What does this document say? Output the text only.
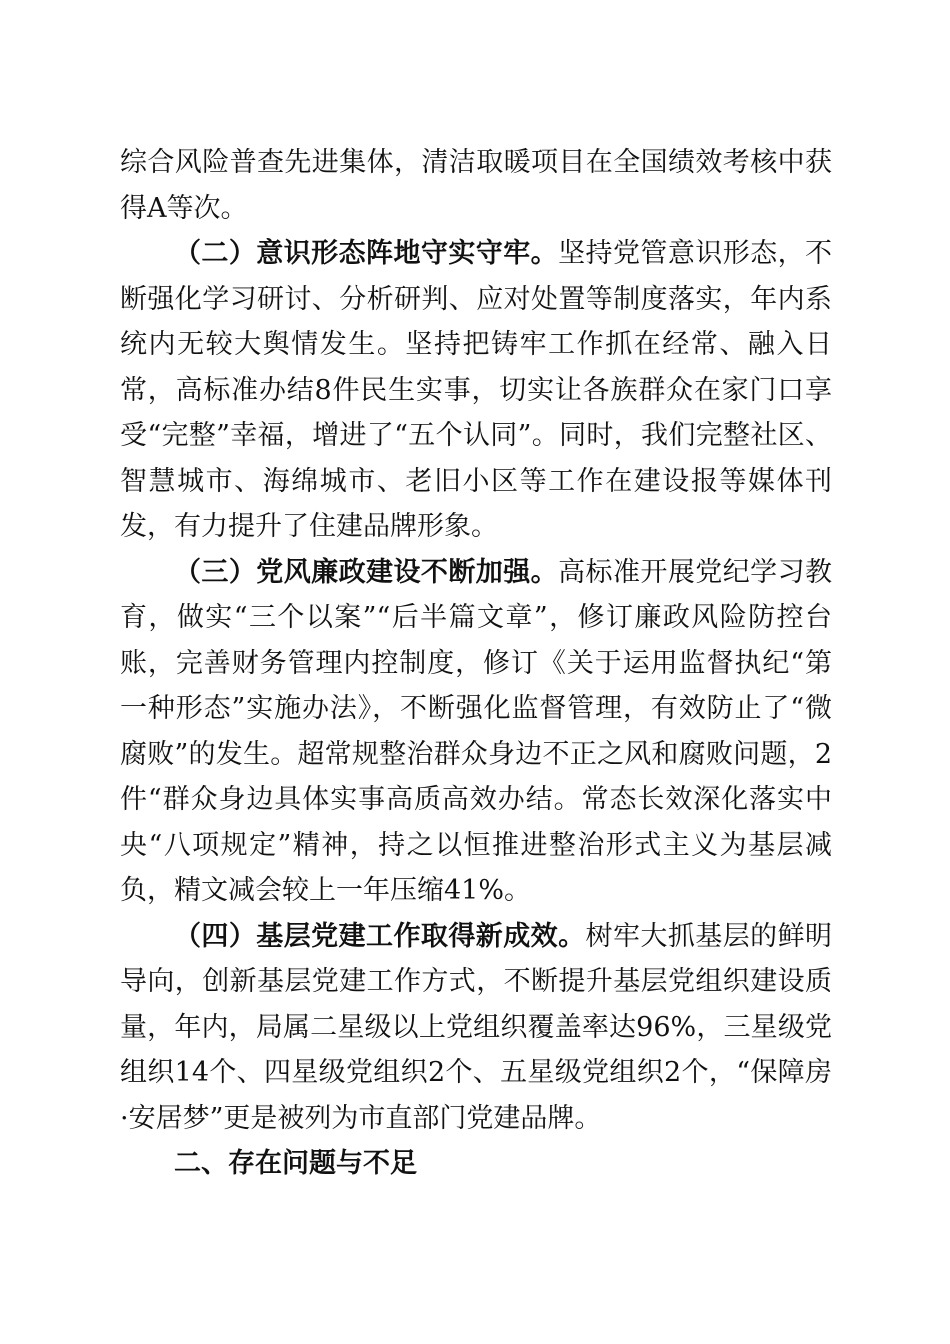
综合风险普查先进集体，清洁取暖项目在全国绩效考核中获得A等次。

（二）意识形态阵地守实守牢。坚持党管意识形态，不断强化学习研讨、分析研判、应对处置等制度落实，年内系统内无较大舆情发生。坚持把铸牢工作抓在经常、融入日常，高标准办结8件民生实事，切实让各族群众在家门口享受“完整”幸福，增进了“五个认同”。同时，我们完整社区、智慧城市、海绵城市、老旧小区等工作在建设报等媒体刊发，有力提升了住建品牌形象。

（三）党风廉政建设不断加强。高标准开展党纪学习教育，做实“三个以案”“后半篇文章”，修订廉政风险防控台账，完善财务管理内控制度，修订《关于运用监督执纪“第一种形态”实施办法》，不断强化监督管理，有效防止了“微腐败”的发生。超常规整治群众身边不正之风和腐败问题，2件“群众身边具体实事高质高效办结。常态长效深化落实中央“八项规定”精神，持之以恒推进整治形式主义为基层减负，精文减会较上一年压缩41%。

（四）基层党建工作取得新成效。树牢大抓基层的鲜明导向，创新基层党建工作方式，不断提升基层党组织建设质量，年内，局属二星级以上党组织覆盖率达96%，三星级党组织14个、四星级党组织2个、五星级党组织2个，“保障房·安居梦”更是被列为市直部门党建品牌。

二、存在问题与不足
